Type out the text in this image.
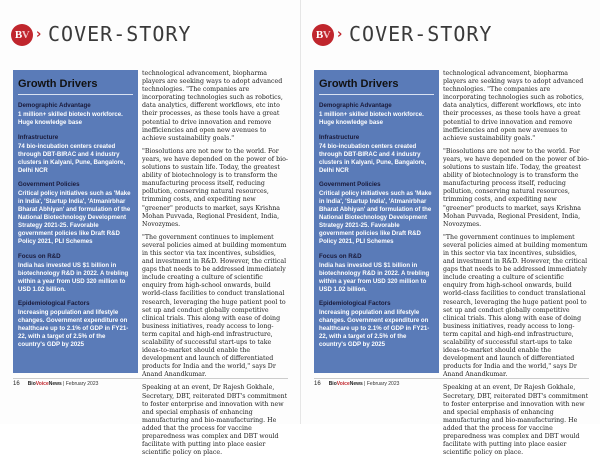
BV › COVER-STORY
Growth Drivers
Demographic Advantage
1 million+ skilled biotech workforce. Huge knowledge base
Infrastructure
74 bio-incubation centers created through DBT-BIRAC and 4 industry clusters in Kalyani, Pune, Bangalore, Delhi NCR
Government Policies
Critical policy initiatives such as 'Make in India', 'Startup India', 'Atmanirbhar Bharat Abhiyan' and formulation of the National Biotechnology Development Strategy 2021-25. Favorable government policies like Draft R&D Policy 2021, PLI Schemes
Focus on R&D
India has invested US $1 billion in biotechnology R&D in 2022. A trebling within a year from USD 320 million to USD 1.02 billion.
Epidemiological Factors
Increasing population and lifestyle changes. Government expenditure on healthcare up to 2.1% of GDP in FY21-22, with a target of 2.5% of the country's GDP by 2025

technological advancement, biopharma players are seeking ways to adopt advanced technologies. "The companies are incorporating technologies such as robotics, data analytics, different workflows, etc into their processes, as these tools have a great potential to drive innovation and remove inefficiencies and open new avenues to achieve sustainability goals."

"Biosolutions are not new to the world. For years, we have depended on the power of bio-solutions to sustain life. Today, the greatest ability of biotechnology is to transform the manufacturing process itself, reducing pollution, conserving natural resources, trimming costs, and expediting new "greener" products to market, says Krishna Mohan Puvvada, Regional President, India, Novozymes.

"The government continues to implement several policies aimed at building momentum in this sector via tax incentives, subsidies, and investment in R&D. However, the critical gaps that needs to be addressed immediately include creating a culture of scientific enquiry from high-school onwards, build world-class facilities to conduct translational research, leveraging the huge patient pool to set up and conduct globally competitive clinical trials. This along with ease of doing business initiatives, ready access to long-term capital and high-end infrastructure, scalability of successful start-ups to take ideas-to-market should enable the development and launch of differentiated products for India and the world," says Dr Anand Anandkumar.

Speaking at an event, Dr Rajesh Gokhale, Secretary, DBT, reiterated DBT's commitment to foster enterprise and innovation with new and special emphasis of enhancing manufacturing and bio-manufacturing. He added that the process for vaccine preparedness was complex and DBT would facilitate with putting into place easier scientific policy on place.

16 BioVoiceNews | February 2023
BV › COVER-STORY
Growth Drivers
Demographic Advantage
1 million+ skilled biotech workforce. Huge knowledge base
Infrastructure
74 bio-incubation centers created through DBT-BIRAC and 4 industry clusters in Kalyani, Pune, Bangalore, Delhi NCR
Government Policies
Critical policy initiatives such as 'Make in India', 'Startup India', 'Atmanirbhar Bharat Abhiyan' and formulation of the National Biotechnology Development Strategy 2021-25. Favorable government policies like Draft R&D Policy 2021, PLI Schemes
Focus on R&D
India has invested US $1 billion in biotechnology R&D in 2022. A trebling within a year from USD 320 million to USD 1.02 billion.
Epidemiological Factors
Increasing population and lifestyle changes. Government expenditure on healthcare up to 2.1% of GDP in FY21-22, with a target of 2.5% of the country's GDP by 2025

technological advancement, biopharma players are seeking ways to adopt advanced technologies. "The companies are incorporating technologies such as robotics, data analytics, different workflows, etc into their processes, as these tools have a great potential to drive innovation and remove inefficiencies and open new avenues to achieve sustainability goals."

"Biosolutions are not new to the world. For years, we have depended on the power of bio-solutions to sustain life. Today, the greatest ability of biotechnology is to transform the manufacturing process itself, reducing pollution, conserving natural resources, trimming costs, and expediting new "greener" products to market, says Krishna Mohan Puvvada, Regional President, India, Novozymes.

"The government continues to implement several policies aimed at building momentum in this sector via tax incentives, subsidies, and investment in R&D. However, the critical gaps that needs to be addressed immediately include creating a culture of scientific enquiry from high-school onwards, build world-class facilities to conduct translational research, leveraging the huge patient pool to set up and conduct globally competitive clinical trials. This along with ease of doing business initiatives, ready access to long-term capital and high-end infrastructure, scalability of successful start-ups to take ideas-to-market should enable the development and launch of differentiated products for India and the world," says Dr Anand Anandkumar.

Speaking at an event, Dr Rajesh Gokhale, Secretary, DBT, reiterated DBT's commitment to foster enterprise and innovation with new and special emphasis of enhancing manufacturing and bio-manufacturing. He added that the process for vaccine preparedness was complex and DBT would facilitate with putting into place easier scientific policy on place.

16 BioVoiceNews | February 2023
